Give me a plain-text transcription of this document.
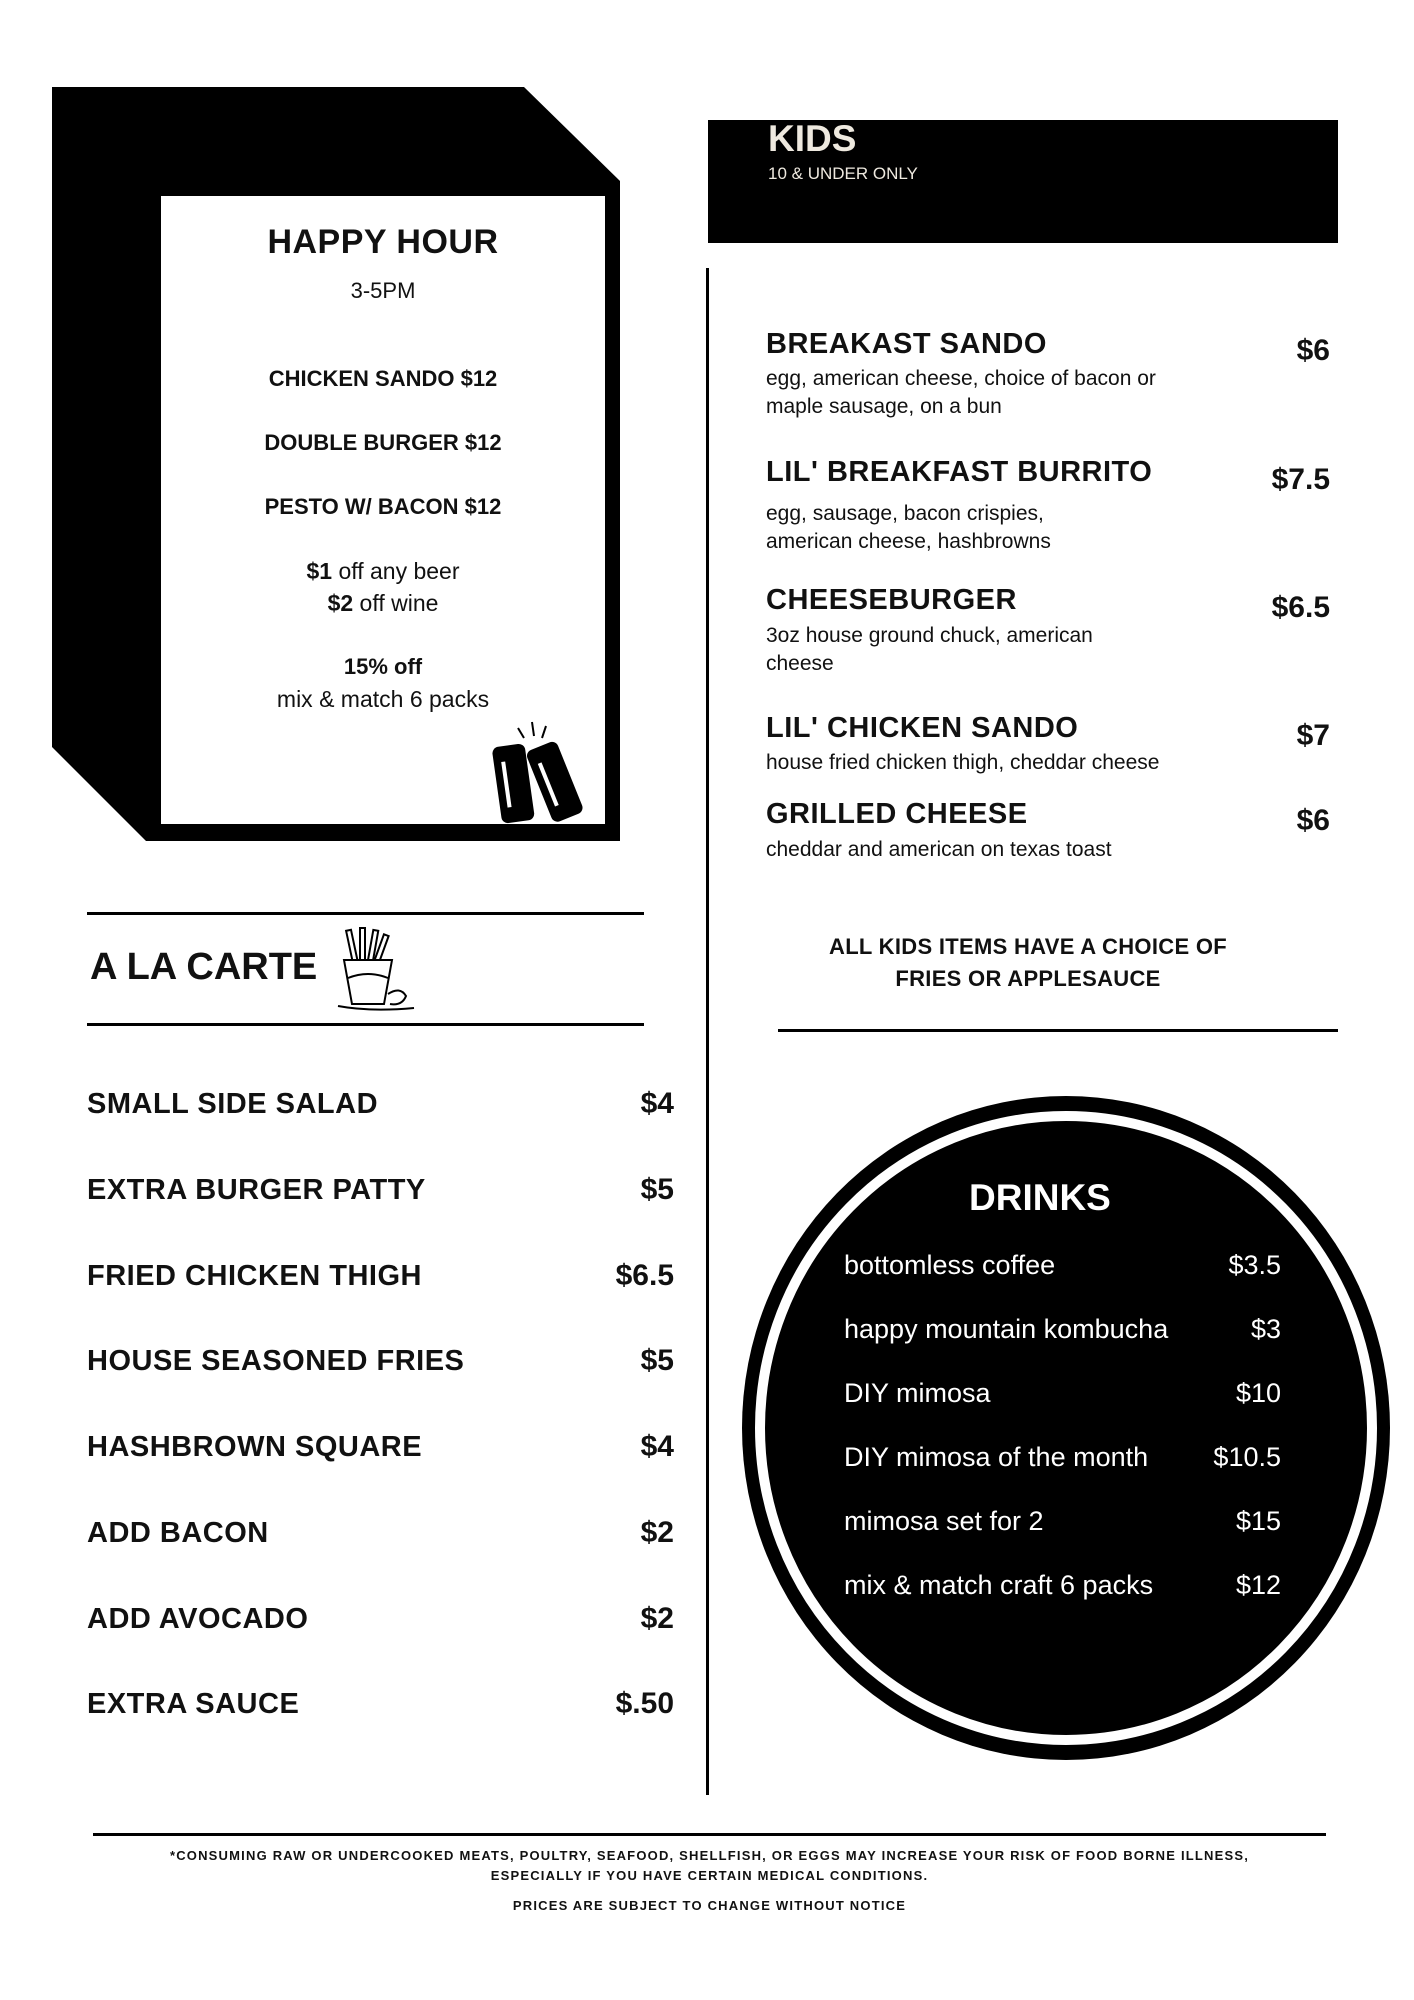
HAPPY HOUR
3-5PM
CHICKEN SANDO $12
DOUBLE BURGER $12
PESTO W/ BACON $12
$1 off any beer
$2 off wine
15% off
mix & match 6 packs
KIDS
10 & UNDER ONLY
BREAKAST SANDO	$6
egg, american cheese, choice of bacon or maple sausage, on a bun
LIL' BREAKFAST BURRITO	$7.5
egg, sausage, bacon crispies, american cheese, hashbrowns
CHEESEBURGER	$6.5
3oz house ground chuck, american cheese
LIL' CHICKEN SANDO	$7
house fried chicken thigh, cheddar cheese
GRILLED CHEESE	$6
cheddar and american on texas toast
ALL KIDS ITEMS HAVE A CHOICE OF
FRIES OR APPLESAUCE
A LA CARTE
SMALL SIDE SALAD	$4
EXTRA BURGER PATTY	$5
FRIED CHICKEN THIGH	$6.5
HOUSE SEASONED FRIES	$5
HASHBROWN SQUARE	$4
ADD BACON	$2
ADD AVOCADO	$2
EXTRA SAUCE	$.50
DRINKS
bottomless coffee	$3.5
happy mountain kombucha	$3
DIY mimosa	$10
DIY mimosa of the month $10.5
mimosa set for 2	$15
mix & match craft 6 packs	$12
*CONSUMING RAW OR UNDERCOOKED MEATS, POULTRY, SEAFOOD, SHELLFISH, OR EGGS MAY INCREASE YOUR RISK OF FOOD BORNE ILLNESS,
ESPECIALLY IF YOU HAVE CERTAIN MEDICAL CONDITIONS.
PRICES ARE SUBJECT TO CHANGE WITHOUT NOTICE
